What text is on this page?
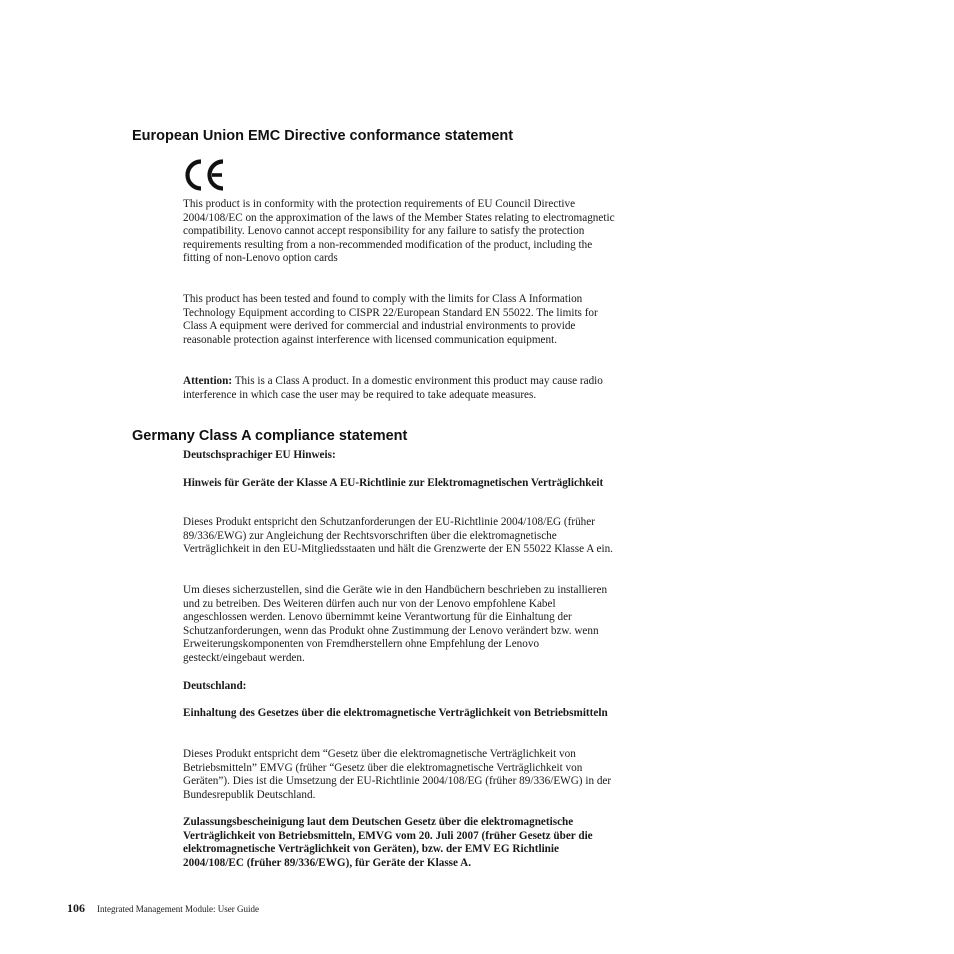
European Union EMC Directive conformance statement

This product is in conformity with the protection requirements of EU Council Directive 2004/108/EC on the approximation of the laws of the Member States relating to electromagnetic compatibility. Lenovo cannot accept responsibility for any failure to satisfy the protection requirements resulting from a non-recommended modification of the product, including the fitting of non-Lenovo option cards

This product has been tested and found to comply with the limits for Class A Information Technology Equipment according to CISPR 22/European Standard EN 55022. The limits for Class A equipment were derived for commercial and industrial environments to provide reasonable protection against interference with licensed communication equipment.

Attention: This is a Class A product. In a domestic environment this product may cause radio interference in which case the user may be required to take adequate measures.

Germany Class A compliance statement

Deutschsprachiger EU Hinweis:

Hinweis für Geräte der Klasse A EU-Richtlinie zur Elektromagnetischen Verträglichkeit

Dieses Produkt entspricht den Schutzanforderungen der EU-Richtlinie 2004/108/EG (früher 89/336/EWG) zur Angleichung der Rechtsvorschriften über die elektromagnetische Verträglichkeit in den EU-Mitgliedsstaaten und hält die Grenzwerte der EN 55022 Klasse A ein.

Um dieses sicherzustellen, sind die Geräte wie in den Handbüchern beschrieben zu installieren und zu betreiben. Des Weiteren dürfen auch nur von der Lenovo empfohlene Kabel angeschlossen werden. Lenovo übernimmt keine Verantwortung für die Einhaltung der Schutzanforderungen, wenn das Produkt ohne Zustimmung der Lenovo verändert bzw. wenn Erweiterungskomponenten von Fremdherstellern ohne Empfehlung der Lenovo gesteckt/eingebaut werden.

Deutschland:

Einhaltung des Gesetzes über die elektromagnetische Verträglichkeit von Betriebsmitteln

Dieses Produkt entspricht dem “Gesetz über die elektromagnetische Verträglichkeit von Betriebsmitteln” EMVG (früher “Gesetz über die elektromagnetische Verträglichkeit von Geräten”). Dies ist die Umsetzung der EU-Richtlinie 2004/108/EG (früher 89/336/EWG) in der Bundesrepublik Deutschland.

Zulassungsbescheinigung laut dem Deutschen Gesetz über die elektromagnetische Verträglichkeit von Betriebsmitteln, EMVG vom 20. Juli 2007 (früher Gesetz über die elektromagnetische Verträglichkeit von Geräten), bzw. der EMV EG Richtlinie 2004/108/EC (früher 89/336/EWG), für Geräte der Klasse A.

106 Integrated Management Module: User Guide
